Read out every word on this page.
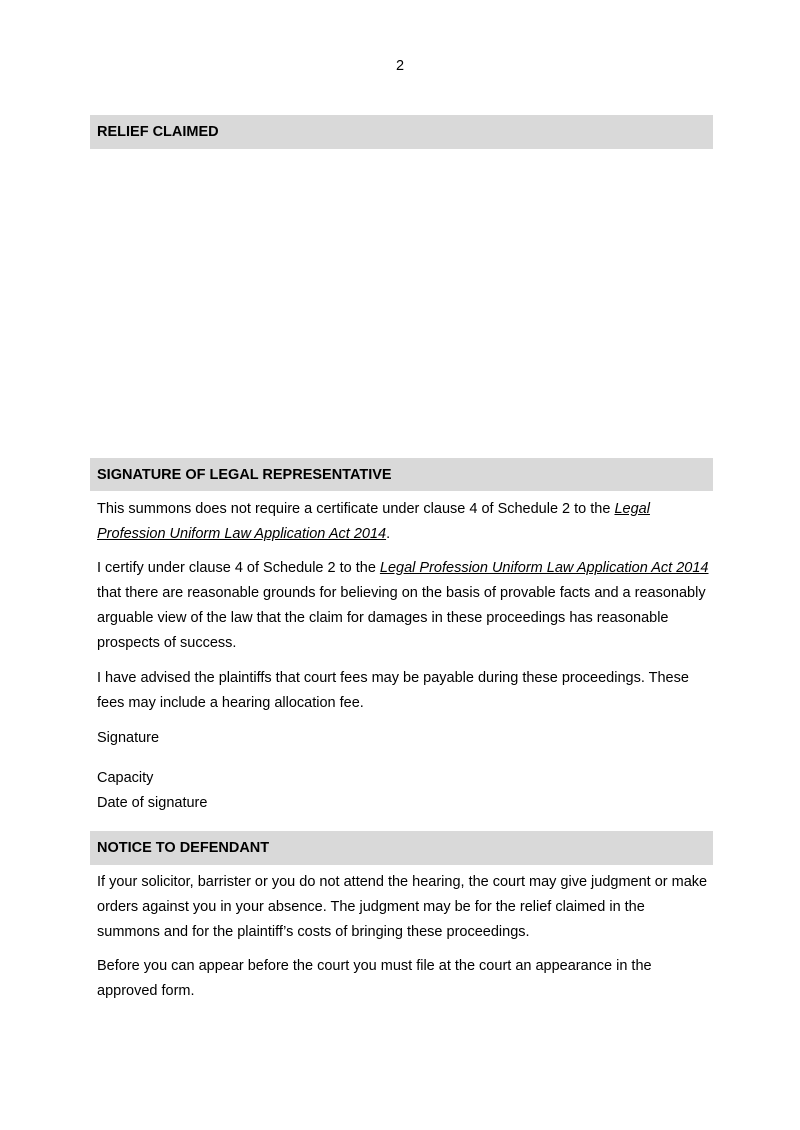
2
RELIEF CLAIMED
SIGNATURE OF LEGAL REPRESENTATIVE

This summons does not require a certificate under clause 4 of Schedule 2 to the Legal Profession Uniform Law Application Act 2014.

I certify under clause 4 of Schedule 2 to the Legal Profession Uniform Law Application Act 2014 that there are reasonable grounds for believing on the basis of provable facts and a reasonably arguable view of the law that the claim for damages in these proceedings has reasonable prospects of success.

I have advised the plaintiffs that court fees may be payable during these proceedings. These fees may include a hearing allocation fee.

Signature

Capacity

Date of signature

NOTICE TO DEFENDANT

If your solicitor, barrister or you do not attend the hearing, the court may give judgment or make orders against you in your absence. The judgment may be for the relief claimed in the summons and for the plaintiff’s costs of bringing these proceedings.

Before you can appear before the court you must file at the court an appearance in the approved form.
